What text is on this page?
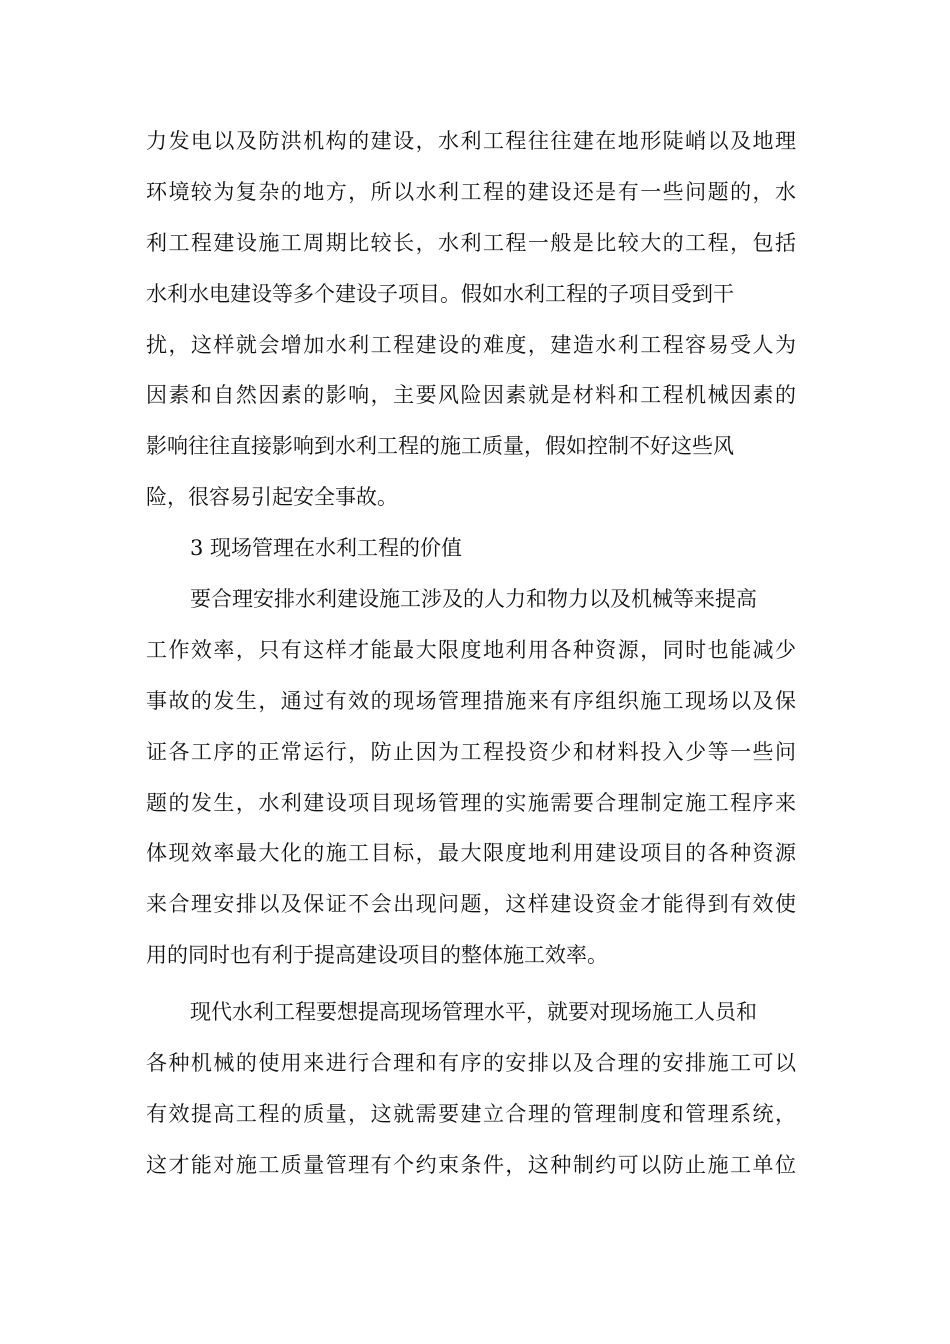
力发电以及防洪机构的建设，水利工程往往建在地形陡峭以及地理
环境较为复杂的地方，所以水利工程的建设还是有一些问题的，水
利工程建设施工周期比较长，水利工程一般是比较大的工程，包括
水利水电建设等多个建设子项目。假如水利工程的子项目受到干
扰，这样就会增加水利工程建设的难度，建造水利工程容易受人为
因素和自然因素的影响，主要风险因素就是材料和工程机械因素的
影响往往直接影响到水利工程的施工质量，假如控制不好这些风
险，很容易引起安全事故。
3 现场管理在水利工程的价值
要合理安排水利建设施工涉及的人力和物力以及机械等来提高
工作效率，只有这样才能最大限度地利用各种资源，同时也能减少
事故的发生，通过有效的现场管理措施来有序组织施工现场以及保
证各工序的正常运行，防止因为工程投资少和材料投入少等一些问
题的发生，水利建设项目现场管理的实施需要合理制定施工程序来
体现效率最大化的施工目标，最大限度地利用建设项目的各种资源
来合理安排以及保证不会出现问题，这样建设资金才能得到有效使
用的同时也有利于提高建设项目的整体施工效率。
现代水利工程要想提高现场管理水平，就要对现场施工人员和
各种机械的使用来进行合理和有序的安排以及合理的安排施工可以
有效提高工程的质量，这就需要建立合理的管理制度和管理系统，
这才能对施工质量管理有个约束条件，这种制约可以防止施工单位
